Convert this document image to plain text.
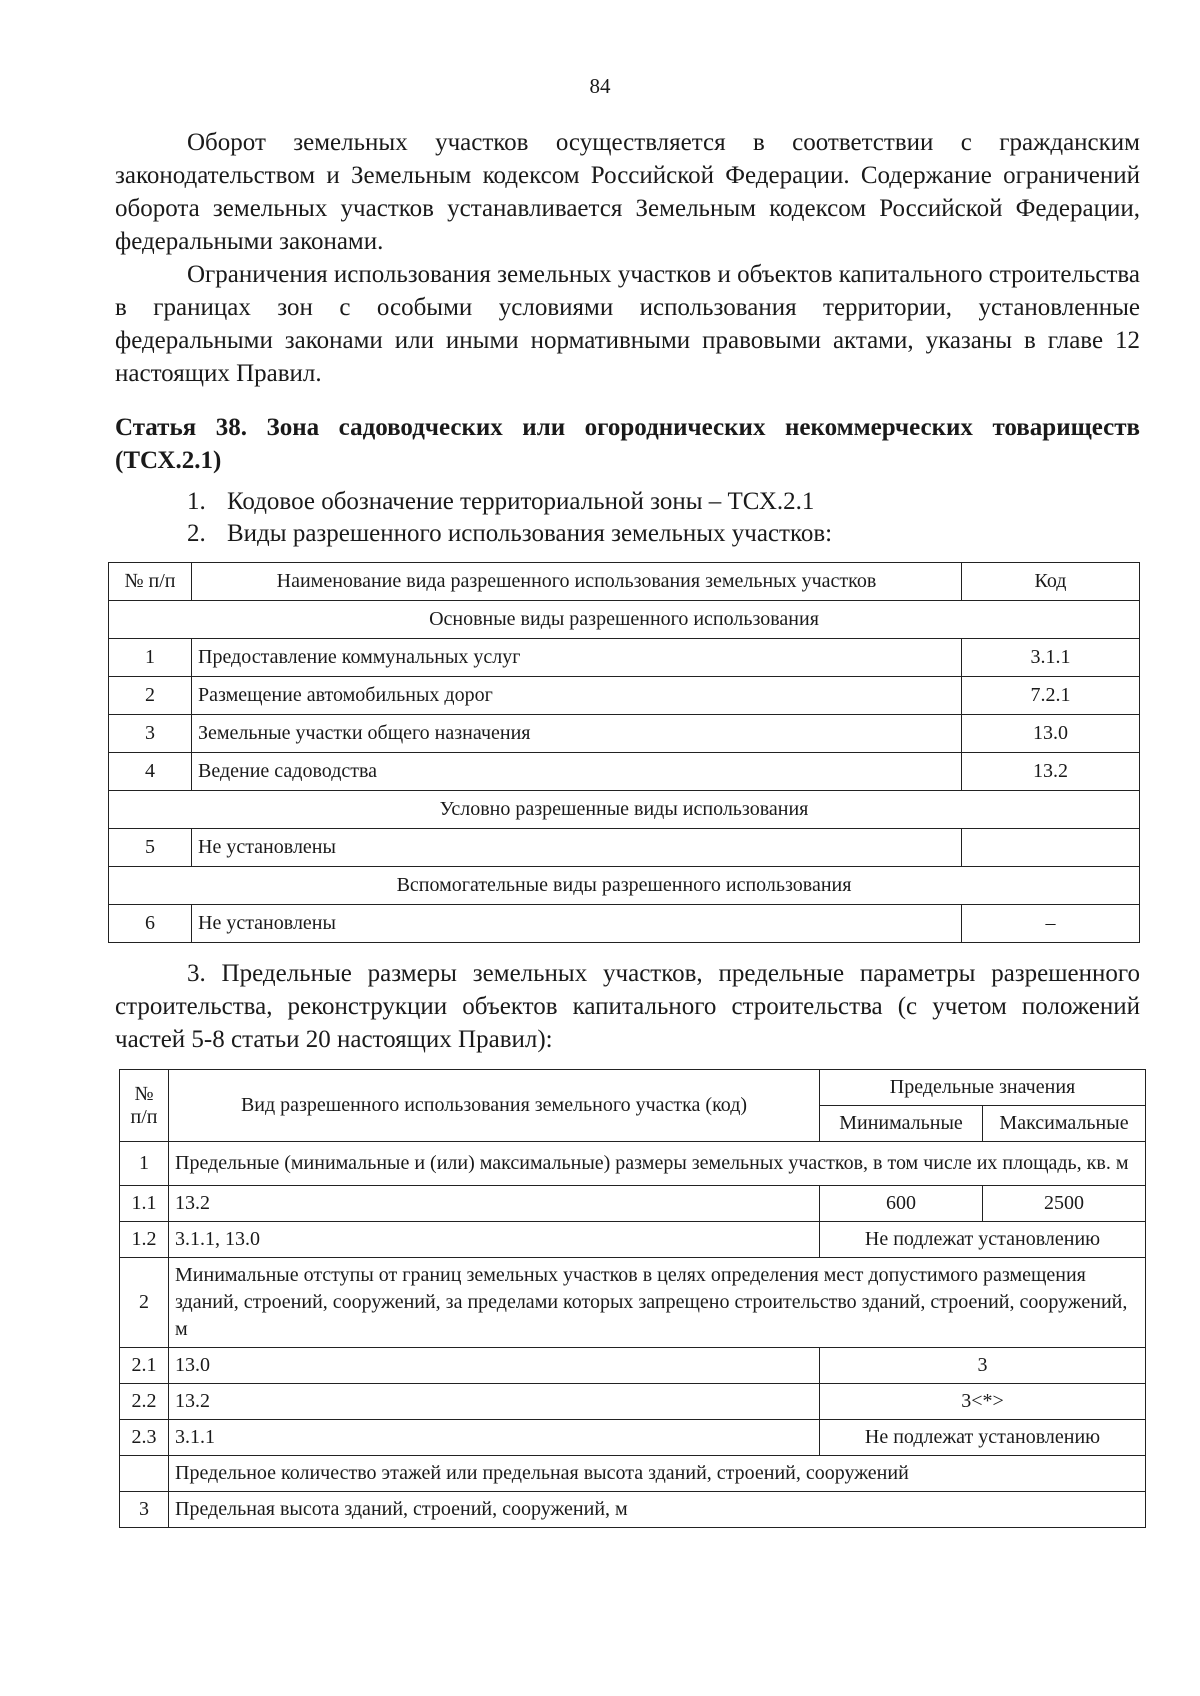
84

Оборот земельных участков осуществляется в соответствии с гражданским законодательством и Земельным кодексом Российской Федерации. Содержание ограничений оборота земельных участков устанавливается Земельным кодексом Российской Федерации, федеральными законами.

Ограничения использования земельных участков и объектов капитального строительства в границах зон с особыми условиями использования территории, установленные федеральными законами или иными нормативными правовыми актами, указаны в главе 12 настоящих Правил.

Статья 38. Зона садоводческих или огороднических некоммерческих товариществ (ТСХ.2.1)
1. Кодовое обозначение территориальной зоны – ТСХ.2.1
2. Виды разрешенного использования земельных участков:
№ п/п	Наименование вида разрешенного использования земельных участков	Код
Основные виды разрешенного использования		
1	Предоставление коммунальных услуг	3.1.1
2	Размещение автомобильных дорог	7.2.1
3	Земельные участки общего назначения	13.0
4	Ведение садоводства	13.2
Условно разрешенные виды использования		
5	Не установлены	
Вспомогательные виды разрешенного использования		
6	Не установлены	–

3. Предельные размеры земельных участков, предельные параметры разрешенного строительства, реконструкции объектов капитального строительства (с учетом положений частей 5-8 статьи 20 настоящих Правил):

№ п/п	Вид разрешенного использования земельного участка (код)	Предельные значения	
		Минимальные	Максимальные
1	Предельные (минимальные и (или) максимальные) размеры земельных участков, в том числе их площадь, кв. м		
1.1	13.2	600	2500
1.2	3.1.1, 13.0	Не подлежат установлению	
2	Минимальные отступы от границ земельных участков в целях определения мест допустимого размещения зданий, строений, сооружений, за пределами которых запрещено строительство зданий, строений, сооружений, м		
2.1	13.0	3	
2.2	13.2	3<*>	
2.3	3.1.1	Не подлежат установлению	
	Предельное количество этажей или предельная высота зданий, строений, сооружений		
3	Предельная высота зданий, строений, сооружений, м		
